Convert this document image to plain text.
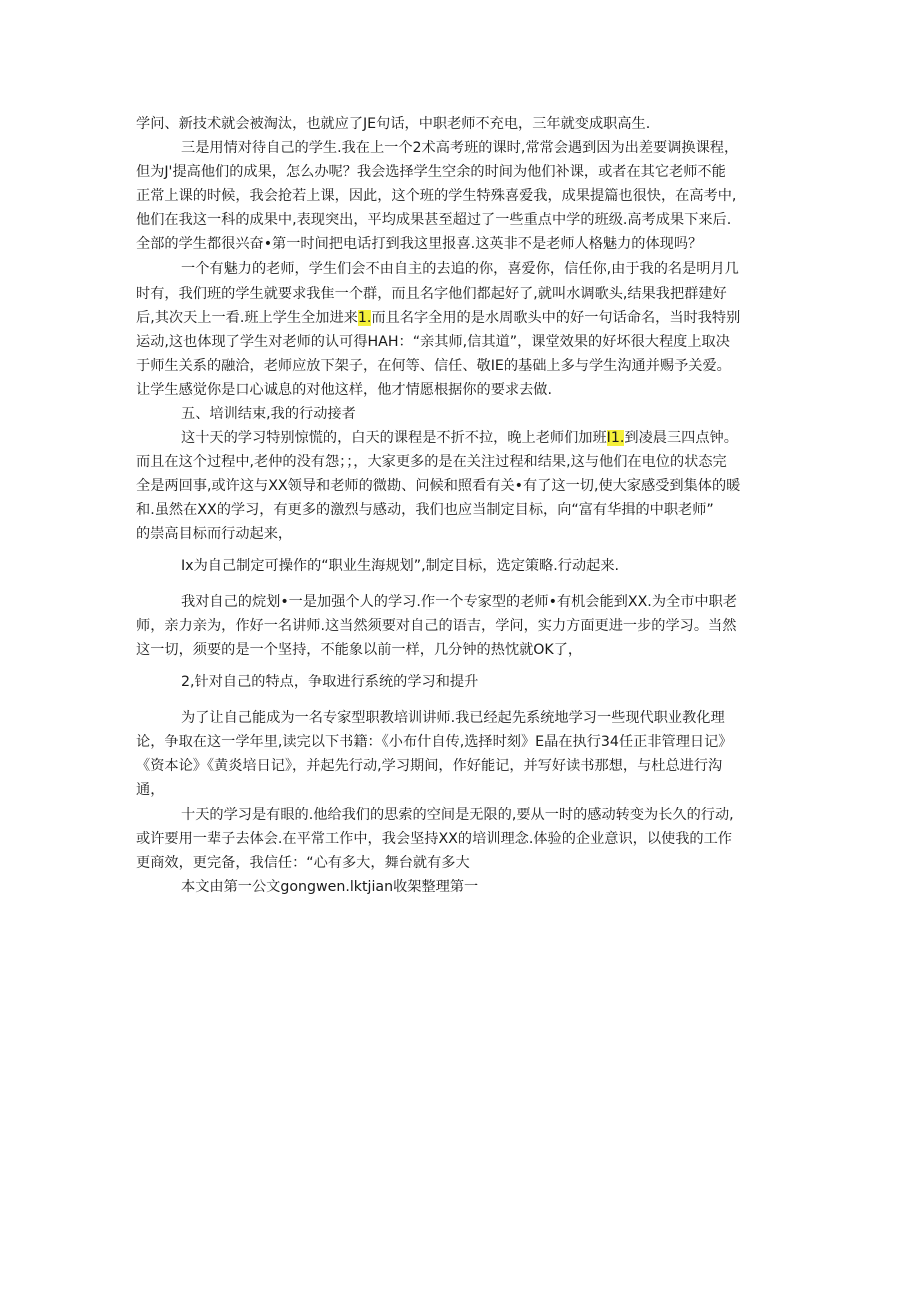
学问、新技术就会被淘汰，也就应了JE句话，中职老师不充电，三年就变成职高生.
三是用情对待自己的学生.我在上一个2术高考班的课时,常常会遇到因为出差要调换课程，
但为J'提高他们的成果，怎么办呢？我会选择学生空余的时间为他们补课，或者在其它老师不能
正常上课的时候，我会抢若上课，因此，这个班的学生特殊喜爱我，成果提篇也很快，在高考中,
他们在我这一科的成果中,表现突出，平均成果甚至超过了一些重点中学的班级.高考成果下来后.
全部的学生都很兴奋•第一时间把电话打到我这里报喜.这英非不是老师人格魅力的体现吗？
一个有魅力的老师，学生们会不由自主的去追的你，喜爱你，信任你,由于我的名是明月几
时有，我们班的学生就要求我隹一个群，而且名字他们都起好了,就叫水调歌头,结果我把群建好
后,其次天上一看.班上学生全加进来1.而且名字全用的是水周歌头中的好一句话命名，当时我特别
运动,这也体现了学生对老师的认可得HAH：“亲其师,信其道”，课堂效果的好坏很大程度上取决
于师生关系的融洽，老师应放下架子，在何等、信任、敬IE的基础上多与学生沟通并赐予关爱。
让学生感觉你是口心诚息的对他这样，他才情愿根据你的要求去做.
五、培训结束,我的行动接者
这十天的学习特别惊慌的，白天的课程是不折不拉，晚上老师们加班I1.到凌晨三四点钟。
而且在这个过程中,老仲的没有怨；；，大家更多的是在关注过程和结果,这与他们在电位的状态完
全是两回事,或许这与XX领导和老师的微勘、问候和照看有关•有了这一切,使大家感受到集体的暖
和.虽然在XX的学习，有更多的激烈与感动，我们也应当制定目标，向“富有华揖的中职老师”
的崇高目标而行动起来，
Ix为自己制定可操作的“职业生海规划”,制定目标，选定策略.行动起来.
我对自己的烷划•一是加强个人的学习.作一个专家型的老师•有机会能到XX.为全市中职老
师，亲力亲为，作好一名讲师.这当然须要对自己的语吉，学问，实力方面更进一步的学习。当然
这一切，须要的是一个坚持，不能象以前一样，几分钟的热忱就OK了，
2,针对自己的特点，争取进行系统的学习和提升
为了让自己能成为一名专家型职教培训讲师.我已经起先系统地学习一些现代职业教化理
论，争取在这一学年里,读完以下书籍：《小布什自传,选择时刻》E晶在执行34任正非管理日记》
《资本论》《黄炎培日记》，并起先行动,学习期间，作好能记，并写好读书那想，与杜总进行沟
通，
十天的学习是有眼的.他给我们的思索的空间是无限的,要从一时的感动转变为长久的行动,
或许要用一辈子去体会.在平常工作中，我会坚持XX的培训理念.体验的企业意识，以使我的工作
更商效，更完备，我信任：“心有多大，舞台就有多大
本文由第一公文gongwen.lktjian收架整理第一
